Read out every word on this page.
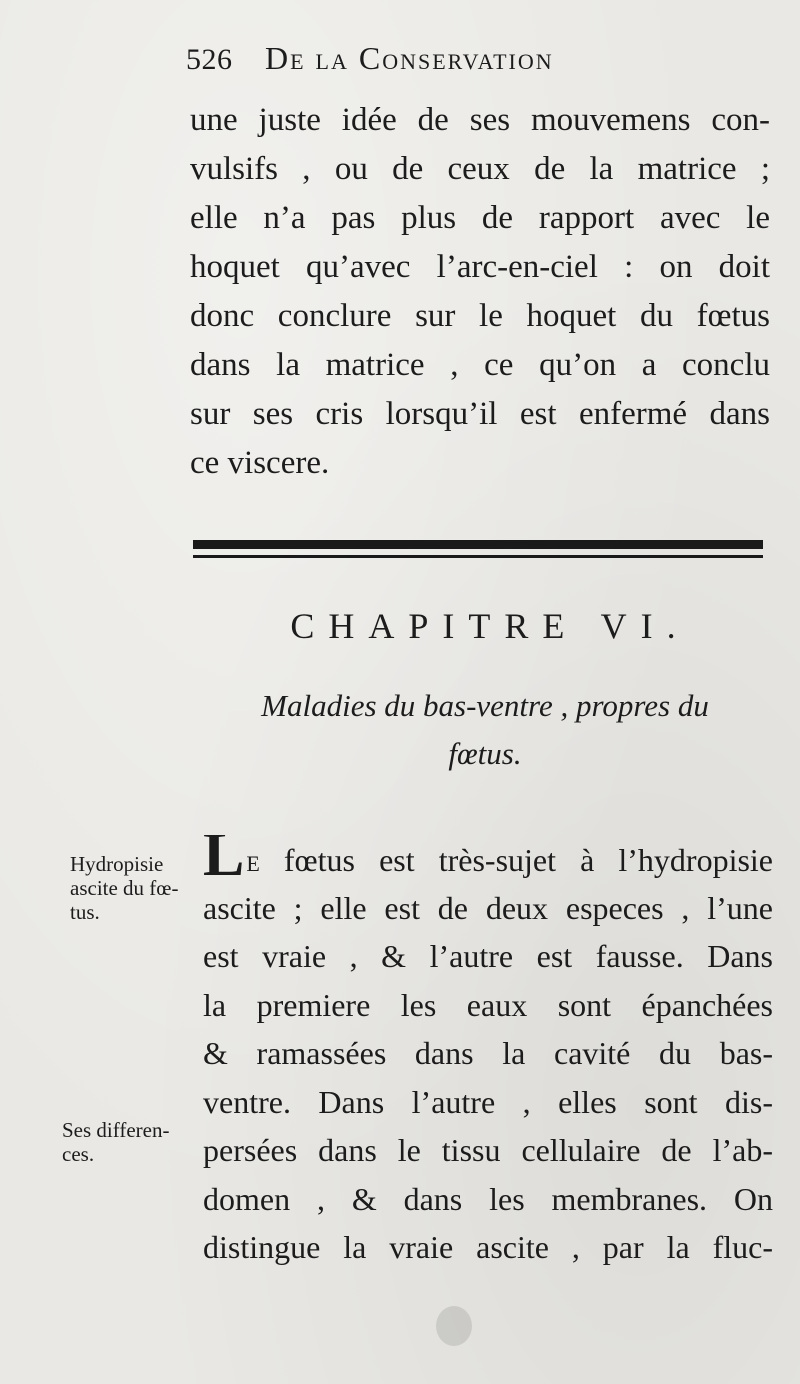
526 De la Conservation
une juste idée de ses mouvemens con-
vulsifs , ou de ceux de la matrice ;
elle n’a pas plus de rapport avec le
hoquet qu’avec l’arc-en-ciel : on doit
donc conclure sur le hoquet du fœtus
dans la matrice , ce qu’on a conclu
sur ses cris lorsqu’il est enfermé dans
ce viscere.
CHAPITRE VI.
Maladies du bas-ventre , propres du
fœtus.
Hydropisie
ascite du fœ-
tus.
Ses differen-
ces.
Le fœtus est très-sujet à l’hydropisie
ascite ; elle est de deux especes , l’une
est vraie , & l’autre est fausse. Dans
la premiere les eaux sont épanchées
& ramassées dans la cavité du bas-
ventre. Dans l’autre , elles sont dis-
persées dans le tissu cellulaire de l’ab-
domen , & dans les membranes. On
distingue la vraie ascite , par la fluc-
